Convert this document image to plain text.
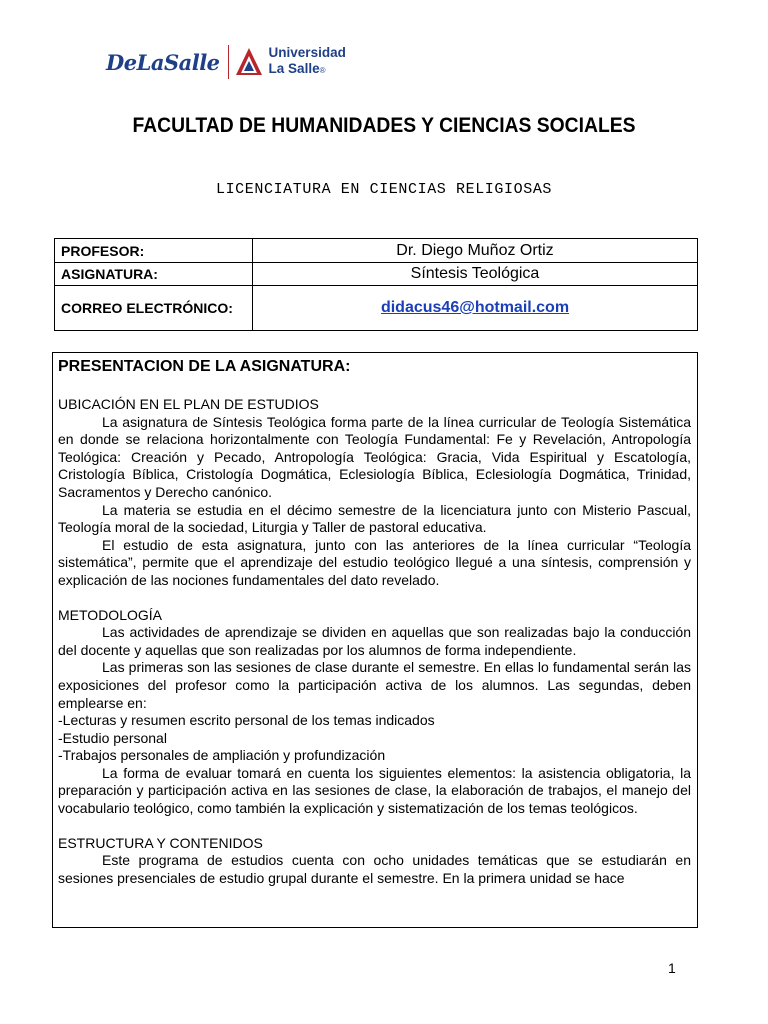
DeLaSalle	Universidad
La Salle®
FACULTAD DE HUMANIDADES Y CIENCIAS SOCIALES
LICENCIATURA EN CIENCIAS RELIGIOSAS
PROFESOR:	Dr. Diego Muñoz Ortiz
ASIGNATURA:	Síntesis Teológica
CORREO ELECTRÓNICO:	didacus46@hotmail.com
PRESENTACION DE LA ASIGNATURA:

UBICACIÓN EN EL PLAN DE ESTUDIOS

La asignatura de Síntesis Teológica forma parte de la línea curricular de Teología Sistemática en donde se relaciona horizontalmente con Teología Fundamental: Fe y Revelación, Antropología Teológica: Creación y Pecado, Antropología Teológica: Gracia, Vida Espiritual y Escatología, Cristología Bíblica, Cristología Dogmática, Eclesiología Bíblica, Eclesiología Dogmática, Trinidad, Sacramentos y Derecho canónico.

La materia se estudia en el décimo semestre de la licenciatura junto con Misterio Pascual, Teología moral de la sociedad, Liturgia y Taller de pastoral educativa.

El estudio de esta asignatura, junto con las anteriores de la línea curricular “Teología sistemática”, permite que el aprendizaje del estudio teológico llegué a una síntesis, comprensión y explicación de las nociones fundamentales del dato revelado.

METODOLOGÍA

Las actividades de aprendizaje se dividen en aquellas que son realizadas bajo la conducción del docente y aquellas que son realizadas por los alumnos de forma independiente.

Las primeras son las sesiones de clase durante el semestre. En ellas lo fundamental serán las exposiciones del profesor como la participación activa de los alumnos. Las segundas, deben emplearse en:

-Lecturas y resumen escrito personal de los temas indicados

-Estudio personal

-Trabajos personales de ampliación y profundización

La forma de evaluar tomará en cuenta los siguientes elementos: la asistencia obligatoria, la preparación y participación activa en las sesiones de clase, la elaboración de trabajos, el manejo del vocabulario teológico, como también la explicación y sistematización de los temas teológicos.

ESTRUCTURA Y CONTENIDOS

Este programa de estudios cuenta con ocho unidades temáticas que se estudiarán en sesiones presenciales de estudio grupal durante el semestre. En la primera unidad se hace

1
